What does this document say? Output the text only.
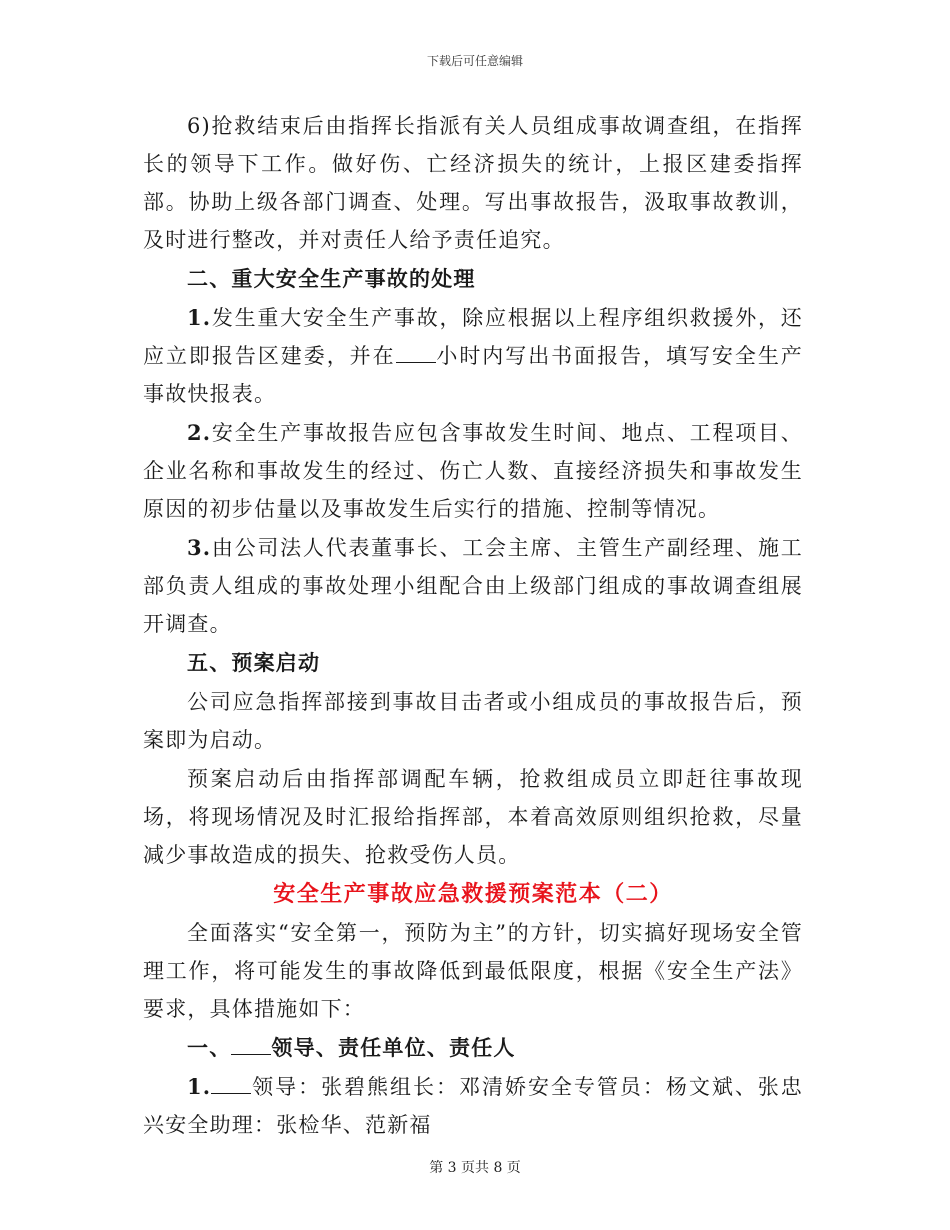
下载后可任意编辑

6)抢救结束后由指挥长指派有关人员组成事故调查组，在指挥长的领导下工作。做好伤、亡经济损失的统计，上报区建委指挥部。协助上级各部门调查、处理。写出事故报告，汲取事故教训，及时进行整改，并对责任人给予责任追究。

二、重大安全生产事故的处理

1.发生重大安全生产事故，除应根据以上程序组织救援外，还应立即报告区建委，并在 小时内写出书面报告，填写安全生产事故快报表。

2.安全生产事故报告应包含事故发生时间、地点、工程项目、企业名称和事故发生的经过、伤亡人数、直接经济损失和事故发生原因的初步估量以及事故发生后实行的措施、控制等情况。

3.由公司法人代表董事长、工会主席、主管生产副经理、施工部负责人组成的事故处理小组配合由上级部门组成的事故调查组展开调查。

五、预案启动

公司应急指挥部接到事故目击者或小组成员的事故报告后，预案即为启动。

预案启动后由指挥部调配车辆，抢救组成员立即赶往事故现场，将现场情况及时汇报给指挥部，本着高效原则组织抢救，尽量减少事故造成的损失、抢救受伤人员。

安全生产事故应急救援预案范本（二）

全面落实“安全第一，预防为主”的方针，切实搞好现场安全管理工作，将可能发生的事故降低到最低限度，根据《安全生产法》要求，具体措施如下：

一、 领导、责任单位、责任人

1. 领导：张碧熊组长：邓清娇安全专管员：杨文斌、张忠兴安全助理：张检华、范新福

第 3 页共 8 页
